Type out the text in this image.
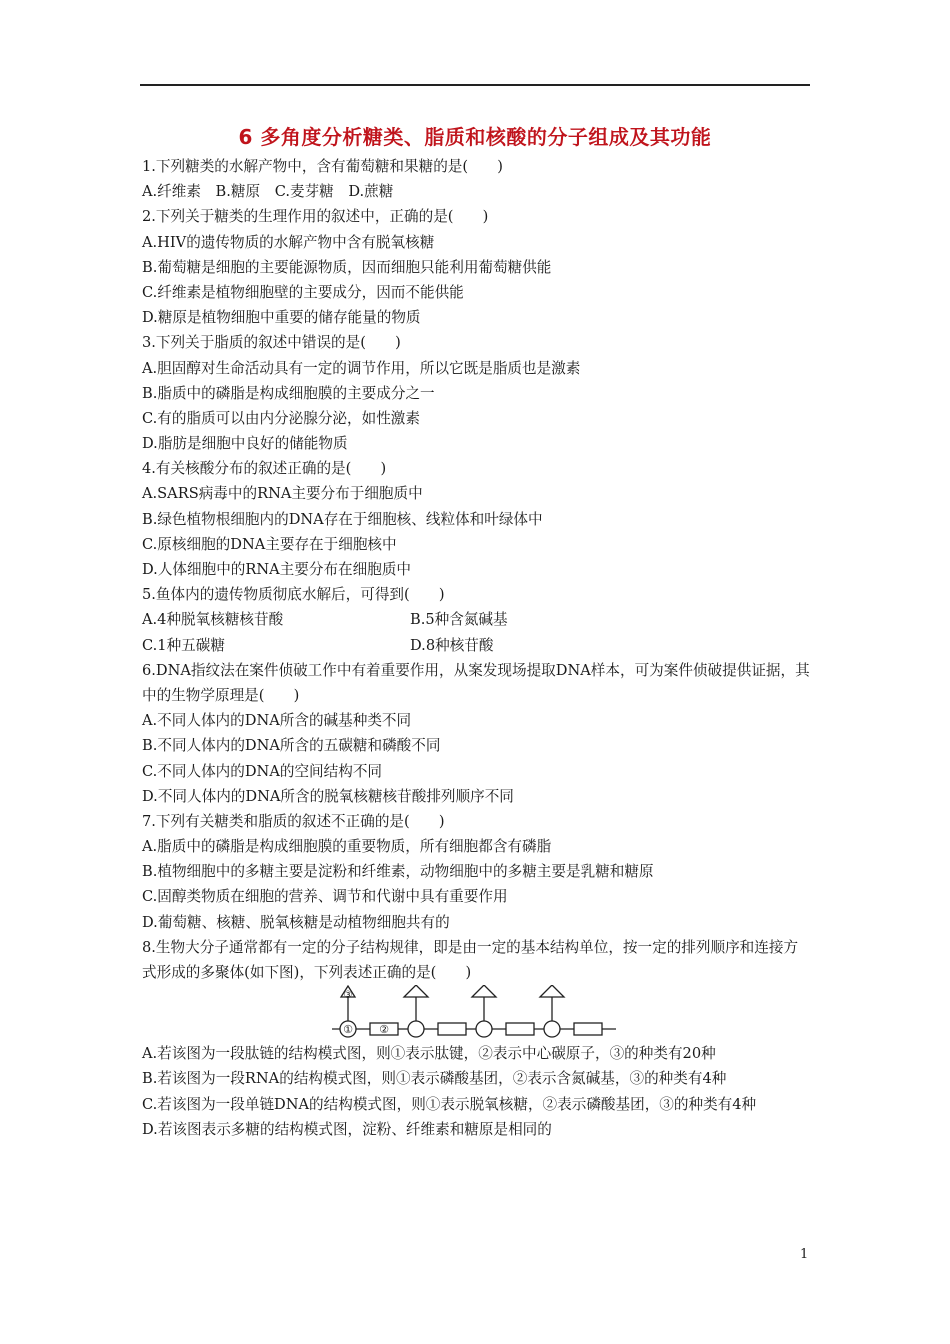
6 多角度分析糖类、脂质和核酸的分子组成及其功能
1.下列糖类的水解产物中，含有葡萄糖和果糖的是(　　)
A.纤维素　B.糖原　C.麦芽糖　D.蔗糖
2.下列关于糖类的生理作用的叙述中，正确的是(　　)
A.HIV的遗传物质的水解产物中含有脱氧核糖
B.葡萄糖是细胞的主要能源物质，因而细胞只能利用葡萄糖供能
C.纤维素是植物细胞壁的主要成分，因而不能供能
D.糖原是植物细胞中重要的储存能量的物质
3.下列关于脂质的叙述中错误的是(　　)
A.胆固醇对生命活动具有一定的调节作用，所以它既是脂质也是激素
B.脂质中的磷脂是构成细胞膜的主要成分之一
C.有的脂质可以由内分泌腺分泌，如性激素
D.脂肪是细胞中良好的储能物质
4.有关核酸分布的叙述正确的是(　　)
A.SARS病毒中的RNA主要分布于细胞质中
B.绿色植物根细胞内的DNA存在于细胞核、线粒体和叶绿体中
C.原核细胞的DNA主要存在于细胞核中
D.人体细胞中的RNA主要分布在细胞质中
5.鱼体内的遗传物质彻底水解后，可得到(　　)
A.4种脱氧核糖核苷酸	B.5种含氮碱基
C.1种五碳糖	D.8种核苷酸
6.DNA指纹法在案件侦破工作中有着重要作用，从案发现场提取DNA样本，可为案件侦破提供证据，其中的生物学原理是(　　)
A.不同人体内的DNA所含的碱基种类不同
B.不同人体内的DNA所含的五碳糖和磷酸不同
C.不同人体内的DNA的空间结构不同
D.不同人体内的DNA所含的脱氧核糖核苷酸排列顺序不同
7.下列有关糖类和脂质的叙述不正确的是(　　)
A.脂质中的磷脂是构成细胞膜的重要物质，所有细胞都含有磷脂
B.植物细胞中的多糖主要是淀粉和纤维素，动物细胞中的多糖主要是乳糖和糖原
C.固醇类物质在细胞的营养、调节和代谢中具有重要作用
D.葡萄糖、核糖、脱氧核糖是动植物细胞共有的
8.生物大分子通常都有一定的分子结构规律，即是由一定的基本结构单位，按一定的排列顺序和连接方式形成的多聚体(如下图)，下列表述正确的是(　　)
③
① ②
A.若该图为一段肽链的结构模式图，则①表示肽键，②表示中心碳原子，③的种类有20种
B.若该图为一段RNA的结构模式图，则①表示磷酸基团，②表示含氮碱基，③的种类有4种
C.若该图为一段单链DNA的结构模式图，则①表示脱氧核糖，②表示磷酸基团，③的种类有4种
D.若该图表示多糖的结构模式图，淀粉、纤维素和糖原是相同的
1
